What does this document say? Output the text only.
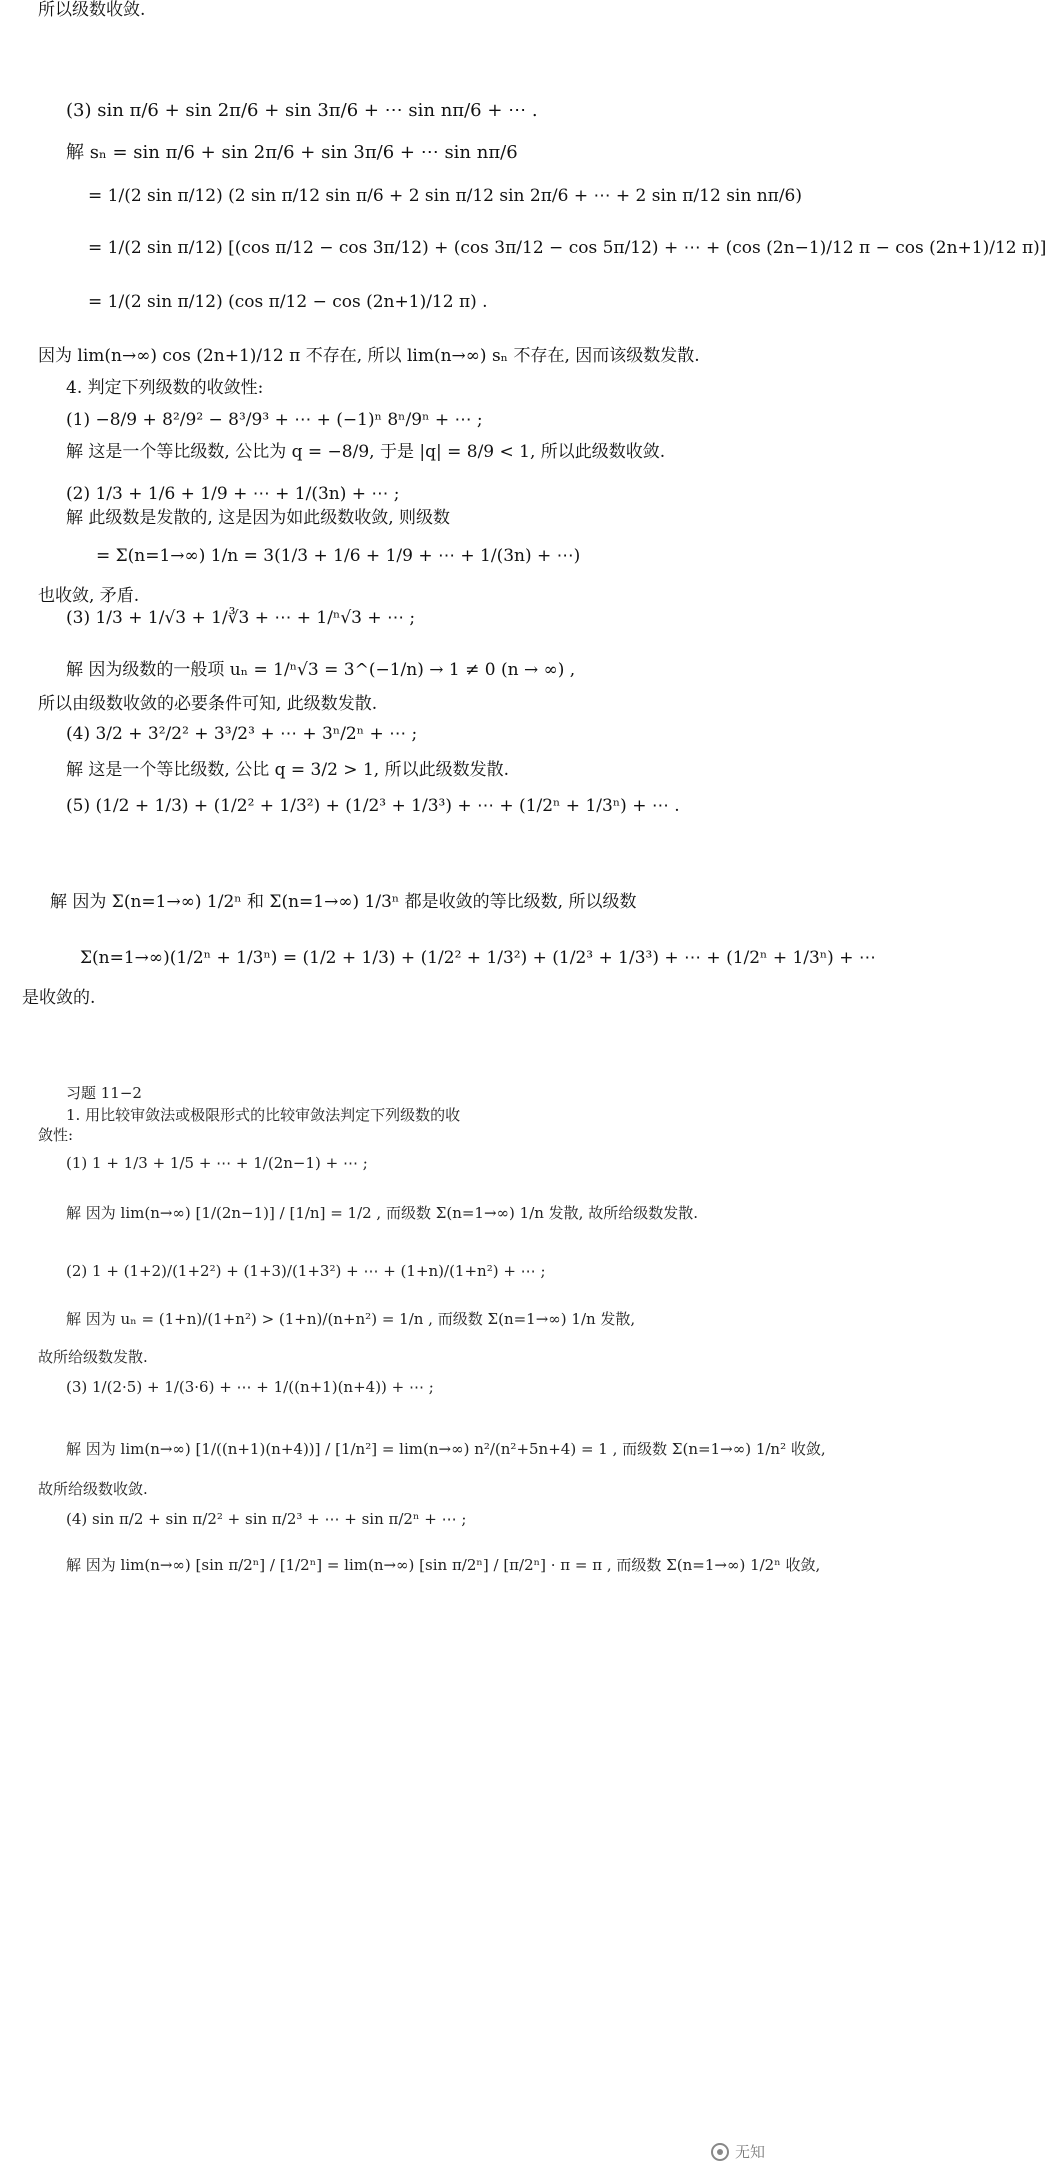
所以级数收敛.
(3) sin π/6 + sin 2π/6 + sin 3π/6 + ⋯ sin nπ/6 + ⋯ .
解 sₙ = sin π/6 + sin 2π/6 + sin 3π/6 + ⋯ sin nπ/6
= 1/(2 sin π/12) (2 sin π/12 sin π/6 + 2 sin π/12 sin 2π/6 + ⋯ + 2 sin π/12 sin nπ/6)
= 1/(2 sin π/12) [(cos π/12 − cos 3π/12) + (cos 3π/12 − cos 5π/12) + ⋯ + (cos (2n−1)/12 π − cos (2n+1)/12 π)]
= 1/(2 sin π/12) (cos π/12 − cos (2n+1)/12 π) .
因为 lim(n→∞) cos (2n+1)/12 π 不存在, 所以 lim(n→∞) sₙ 不存在, 因而该级数发散.
4. 判定下列级数的收敛性:
(1) −8/9 + 8²/9² − 8³/9³ + ⋯ + (−1)ⁿ 8ⁿ/9ⁿ + ⋯ ;
解 这是一个等比级数, 公比为 q = −8/9, 于是 |q| = 8/9 < 1, 所以此级数收敛.
(2) 1/3 + 1/6 + 1/9 + ⋯ + 1/(3n) + ⋯ ;
解 此级数是发散的, 这是因为如此级数收敛, 则级数
= Σ(n=1→∞) 1/n = 3(1/3 + 1/6 + 1/9 + ⋯ + 1/(3n) + ⋯)
也收敛, 矛盾.
(3) 1/3 + 1/√3 + 1/∛3 + ⋯ + 1/ⁿ√3 + ⋯ ;
解 因为级数的一般项 uₙ = 1/ⁿ√3 = 3^(−1/n) → 1 ≠ 0 (n → ∞) ,
所以由级数收敛的必要条件可知, 此级数发散.
(4) 3/2 + 3²/2² + 3³/2³ + ⋯ + 3ⁿ/2ⁿ + ⋯ ;
解 这是一个等比级数, 公比 q = 3/2 > 1, 所以此级数发散.
(5) (1/2 + 1/3) + (1/2² + 1/3²) + (1/2³ + 1/3³) + ⋯ + (1/2ⁿ + 1/3ⁿ) + ⋯ .
解 因为 Σ(n=1→∞) 1/2ⁿ 和 Σ(n=1→∞) 1/3ⁿ 都是收敛的等比级数, 所以级数
Σ(n=1→∞)(1/2ⁿ + 1/3ⁿ) = (1/2 + 1/3) + (1/2² + 1/3²) + (1/2³ + 1/3³) + ⋯ + (1/2ⁿ + 1/3ⁿ) + ⋯
是收敛的.
习题 11−2
1. 用比较审敛法或极限形式的比较审敛法判定下列级数的收
敛性:
(1) 1 + 1/3 + 1/5 + ⋯ + 1/(2n−1) + ⋯ ;
解 因为 lim(n→∞) [1/(2n−1)] / [1/n] = 1/2 , 而级数 Σ(n=1→∞) 1/n 发散, 故所给级数发散.
(2) 1 + (1+2)/(1+2²) + (1+3)/(1+3²) + ⋯ + (1+n)/(1+n²) + ⋯ ;
解 因为 uₙ = (1+n)/(1+n²) > (1+n)/(n+n²) = 1/n , 而级数 Σ(n=1→∞) 1/n 发散,
故所给级数发散.
(3) 1/(2·5) + 1/(3·6) + ⋯ + 1/((n+1)(n+4)) + ⋯ ;
解 因为 lim(n→∞) [1/((n+1)(n+4))] / [1/n²] = lim(n→∞) n²/(n²+5n+4) = 1 , 而级数 Σ(n=1→∞) 1/n² 收敛,
故所给级数收敛.
(4) sin π/2 + sin π/2² + sin π/2³ + ⋯ + sin π/2ⁿ + ⋯ ;
解 因为 lim(n→∞) [sin π/2ⁿ] / [1/2ⁿ] = lim(n→∞) [sin π/2ⁿ] / [π/2ⁿ] · π = π , 而级数 Σ(n=1→∞) 1/2ⁿ 收敛,
无知
